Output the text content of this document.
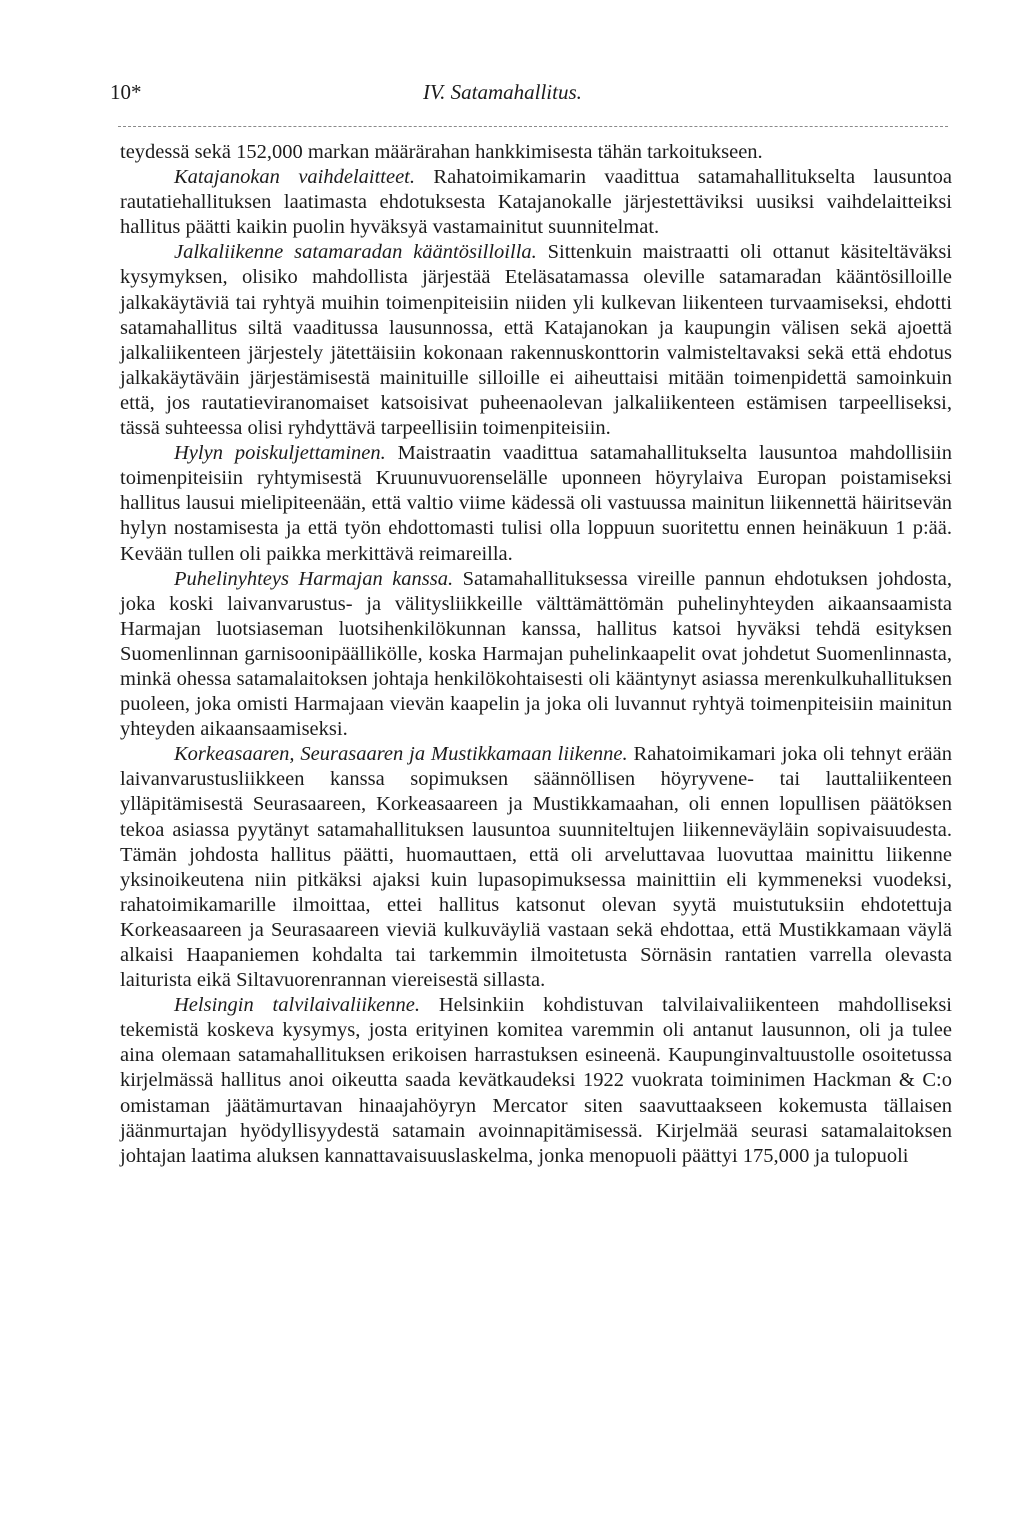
10*	IV. Satamahallitus.

teydessä sekä 152,000 markan määrärahan hankkimisesta tähän tarkoitukseen.

Katajanokan vaihdelaitteet. Rahatoimikamarin vaadittua satamahallitukselta lausuntoa rautatiehallituksen laatimasta ehdotuksesta Katajanokalle järjestettäviksi uusiksi vaihdelaitteiksi hallitus päätti kaikin puolin hyväksyä vastamainitut suunnitelmat.

Jalkaliikenne satamaradan kääntösilloilla. Sittenkuin maistraatti oli ottanut käsiteltäväksi kysymyksen, olisiko mahdollista järjestää Eteläsatamassa oleville satamaradan kääntösilloille jalkakäytäviä tai ryhtyä muihin toimenpiteisiin niiden yli kulkevan liikenteen turvaamiseksi, ehdotti satamahallitus siltä vaaditussa lausunnossa, että Katajanokan ja kaupungin välisen sekä ajoettä jalkaliikenteen järjestely jätettäisiin kokonaan rakennuskonttorin valmisteltavaksi sekä että ehdotus jalkakäytäväin järjestämisestä mainituille silloille ei aiheuttaisi mitään toimenpidettä samoinkuin että, jos rautatieviranomaiset katsoisivat puheenaolevan jalkaliikenteen estämisen tarpeelliseksi, tässä suhteessa olisi ryhdyttävä tarpeellisiin toimenpiteisiin.

Hylyn poiskuljettaminen. Maistraatin vaadittua satamahallitukselta lausuntoa mahdollisiin toimenpiteisiin ryhtymisestä Kruunuvuorenselälle uponneen höyrylaiva Europan poistamiseksi hallitus lausui mielipiteenään, että valtio viime kädessä oli vastuussa mainitun liikennettä häiritsevän hylyn nostamisesta ja että työn ehdottomasti tulisi olla loppuun suoritettu ennen heinäkuun 1 p:ää. Kevään tullen oli paikka merkittävä reimareilla.

Puhelinyhteys Harmajan kanssa. Satamahallituksessa vireille pannun ehdotuksen johdosta, joka koski laivanvarustus- ja välitysliikkeille välttämättömän puhelinyhteyden aikaansaamista Harmajan luotsiaseman luotsihenkilökunnan kanssa, hallitus katsoi hyväksi tehdä esityksen Suomenlinnan garnisoonipäällikölle, koska Harmajan puhelinkaapelit ovat johdetut Suomenlinnasta, minkä ohessa satamalaitoksen johtaja henkilökohtaisesti oli kääntynyt asiassa merenkulkuhallituksen puoleen, joka omisti Harmajaan vievän kaapelin ja joka oli luvannut ryhtyä toimenpiteisiin mainitun yhteyden aikaansaamiseksi.

Korkeasaaren, Seurasaaren ja Mustikkamaan liikenne. Rahatoimikamari joka oli tehnyt erään laivanvarustusliikkeen kanssa sopimuksen säännöllisen höyryvene- tai lauttaliikenteen ylläpitämisestä Seurasaareen, Korkeasaareen ja Mustikkamaahan, oli ennen lopullisen päätöksen tekoa asiassa pyytänyt satamahallituksen lausuntoa suunniteltujen liikenneväyläin sopivaisuudesta. Tämän johdosta hallitus päätti, huomauttaen, että oli arveluttavaa luovuttaa mainittu liikenne yksinoikeutena niin pitkäksi ajaksi kuin lupasopimuksessa mainittiin eli kymmeneksi vuodeksi, rahatoimikamarille ilmoittaa, ettei hallitus katsonut olevan syytä muistutuksiin ehdotettuja Korkeasaareen ja Seurasaareen vieviä kulkuväyliä vastaan sekä ehdottaa, että Mustikkamaan väylä alkaisi Haapaniemen kohdalta tai tarkemmin ilmoitetusta Sörnäsin rantatien varrella olevasta laiturista eikä Siltavuorenrannan viereisestä sillasta.

Helsingin talvilaivaliikenne. Helsinkiin kohdistuvan talvilaivaliikenteen mahdolliseksi tekemistä koskeva kysymys, josta erityinen komitea varemmin oli antanut lausunnon, oli ja tulee aina olemaan satamahallituksen erikoisen harrastuksen esineenä. Kaupunginvaltuustolle osoitetussa kirjelmässä hallitus anoi oikeutta saada kevätkaudeksi 1922 vuokrata toiminimen Hackman & C:o omistaman jäätämurtavan hinaajahöyryn Mercator siten saavuttaakseen kokemusta tällaisen jäänmurtajan hyödyllisyydestä satamain avoinnapitämisessä. Kirjelmää seurasi satamalaitoksen johtajan laatima aluksen kannattavaisuuslaskelma, jonka menopuoli päättyi 175,000 ja tulopuoli
